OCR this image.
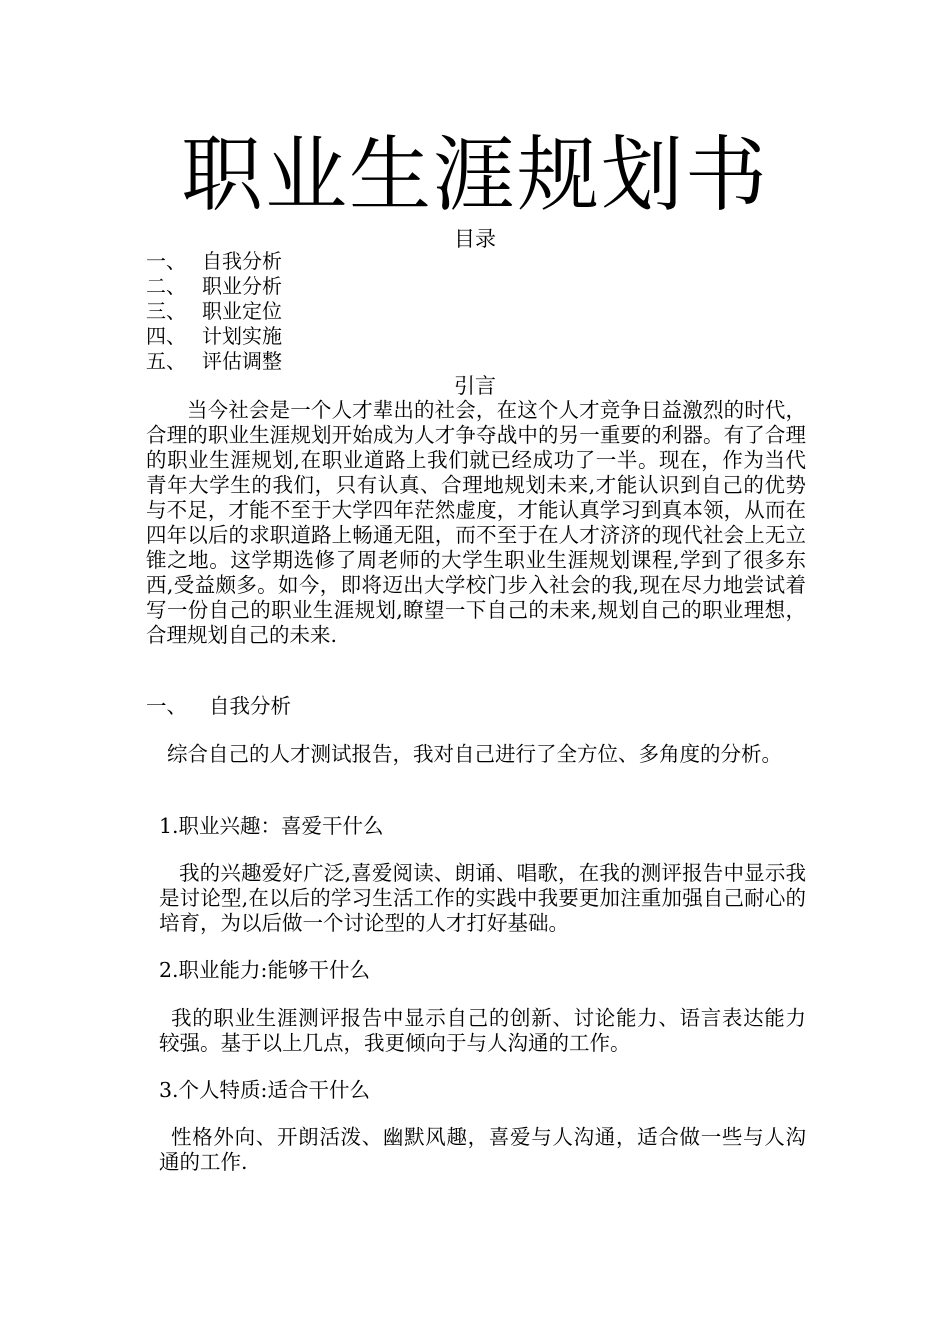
职业生涯规划书
目录
一、 自我分析
二、 职业分析
三、 职业定位
四、 计划实施
五、 评估调整
引言

当今社会是一个人才辈出的社会，在这个人才竞争日益激烈的时代，合理的职业生涯规划开始成为人才争夺战中的另一重要的利器。有了合理的职业生涯规划,在职业道路上我们就已经成功了一半。现在，作为当代青年大学生的我们，只有认真、合理地规划未来,才能认识到自己的优势与不足，才能不至于大学四年茫然虚度，才能认真学习到真本领，从而在四年以后的求职道路上畅通无阻，而不至于在人才济济的现代社会上无立锥之地。这学期选修了周老师的大学生职业生涯规划课程,学到了很多东西,受益颇多。如今，即将迈出大学校门步入社会的我,现在尽力地尝试着写一份自己的职业生涯规划,瞭望一下自己的未来,规划自己的职业理想，合理规划自己的未来.

一、 自我分析

综合自己的人才测试报告，我对自己进行了全方位、多角度的分析。

1.职业兴趣：喜爱干什么

我的兴趣爱好广泛,喜爱阅读、朗诵、唱歌，在我的测评报告中显示我是讨论型,在以后的学习生活工作的实践中我要更加注重加强自己耐心的培育，为以后做一个讨论型的人才打好基础。

2.职业能力:能够干什么

我的职业生涯测评报告中显示自己的创新、讨论能力、语言表达能力较强。基于以上几点，我更倾向于与人沟通的工作。

3.个人特质:适合干什么

性格外向、开朗活泼、幽默风趣，喜爱与人沟通，适合做一些与人沟通的工作.
